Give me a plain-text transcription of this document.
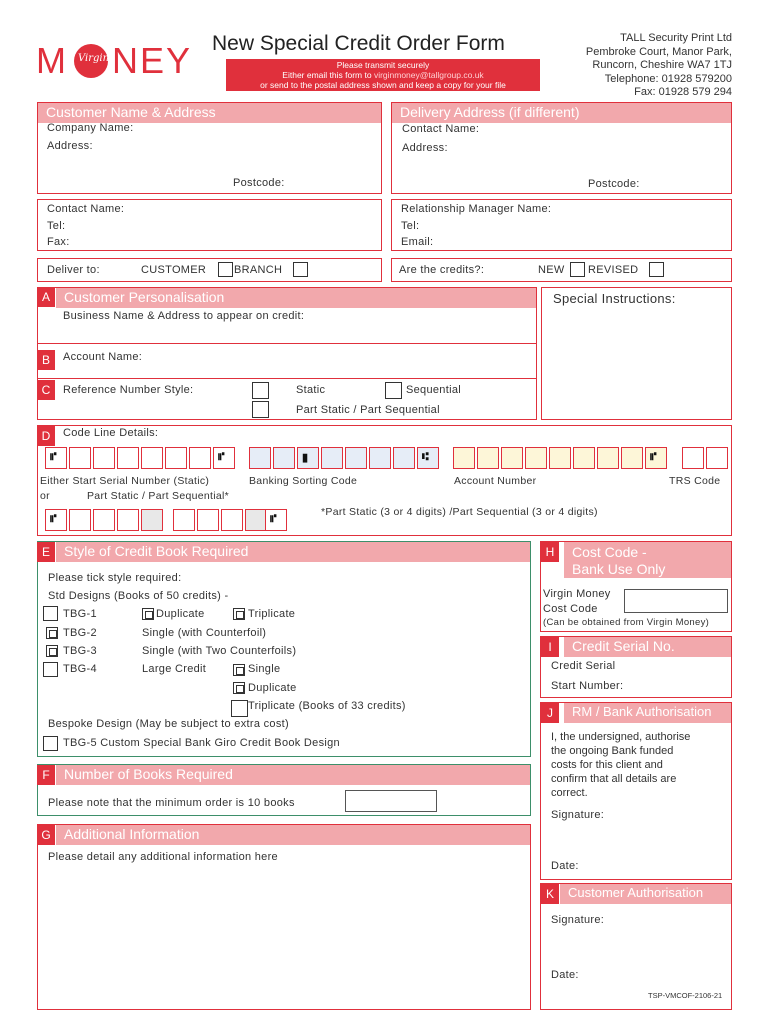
M Virgin NEY New Special Credit Order Form
Please transmit securely
Either email this form to virginmoney@tallgroup.co.uk
or send to the postal address shown and keep a copy for your file
TALL Security Print Ltd
Pembroke Court, Manor Park,
Runcorn, Cheshire WA7 1TJ
Telephone: 01928 579200
Fax: 01928 579 294
Customer Name & Address
Company Name:
Address:
Postcode:
Delivery Address (if different)
Contact Name:
Address:
Postcode:
Contact Name:
Tel:
Fax:
Relationship Manager Name:
Tel:
Email:
Deliver to:	CUSTOMER	BRANCH	Are the credits?:	NEW REVISED
A	Customer Personalisation
Business Name & Address to appear on credit:
B	Account Name:
C	Reference Number Style:	Static	Sequential
Part Static / Part Sequential
Special Instructions:
D	Code Line Details:
⑈	⑈	▮	⑆	⑈
Either Start Serial Number (Static)	Banking Sorting Code	Account Number	TRS Code
or	Part Static / Part Sequential*
⑈	⑈
*Part Static (3 or 4 digits) /Part Sequential (3 or 4 digits)
E	Style of Credit Book Required
Please tick style required:
Std Designs (Books of 50 credits) -
TBG-1	Duplicate	Triplicate
TBG-2	Single (with Counterfoil)
TBG-3	Single (with Two Counterfoils)
TBG-4	Large Credit	Single
Duplicate
Triplicate (Books of 33 credits)
Bespoke Design (May be subject to extra cost)
TBG-5 Custom Special Bank Giro Credit Book Design
F	Number of Books Required
Please note that the minimum order is 10 books
G Additional Information
Please detail any additional information here
H	Cost Code -
Bank Use Only
Virgin Money
Cost Code
(Can be obtained from Virgin Money)
I	Credit Serial No.
Credit Serial
Start Number:
J	RM / Bank Authorisation
I, the undersigned, authorise
the ongoing Bank funded
costs for this client and
confirm that all details are
correct.
Signature:
Date:
K	Customer Authorisation
Signature:
Date:
TSP-VMCOF-2106-21
